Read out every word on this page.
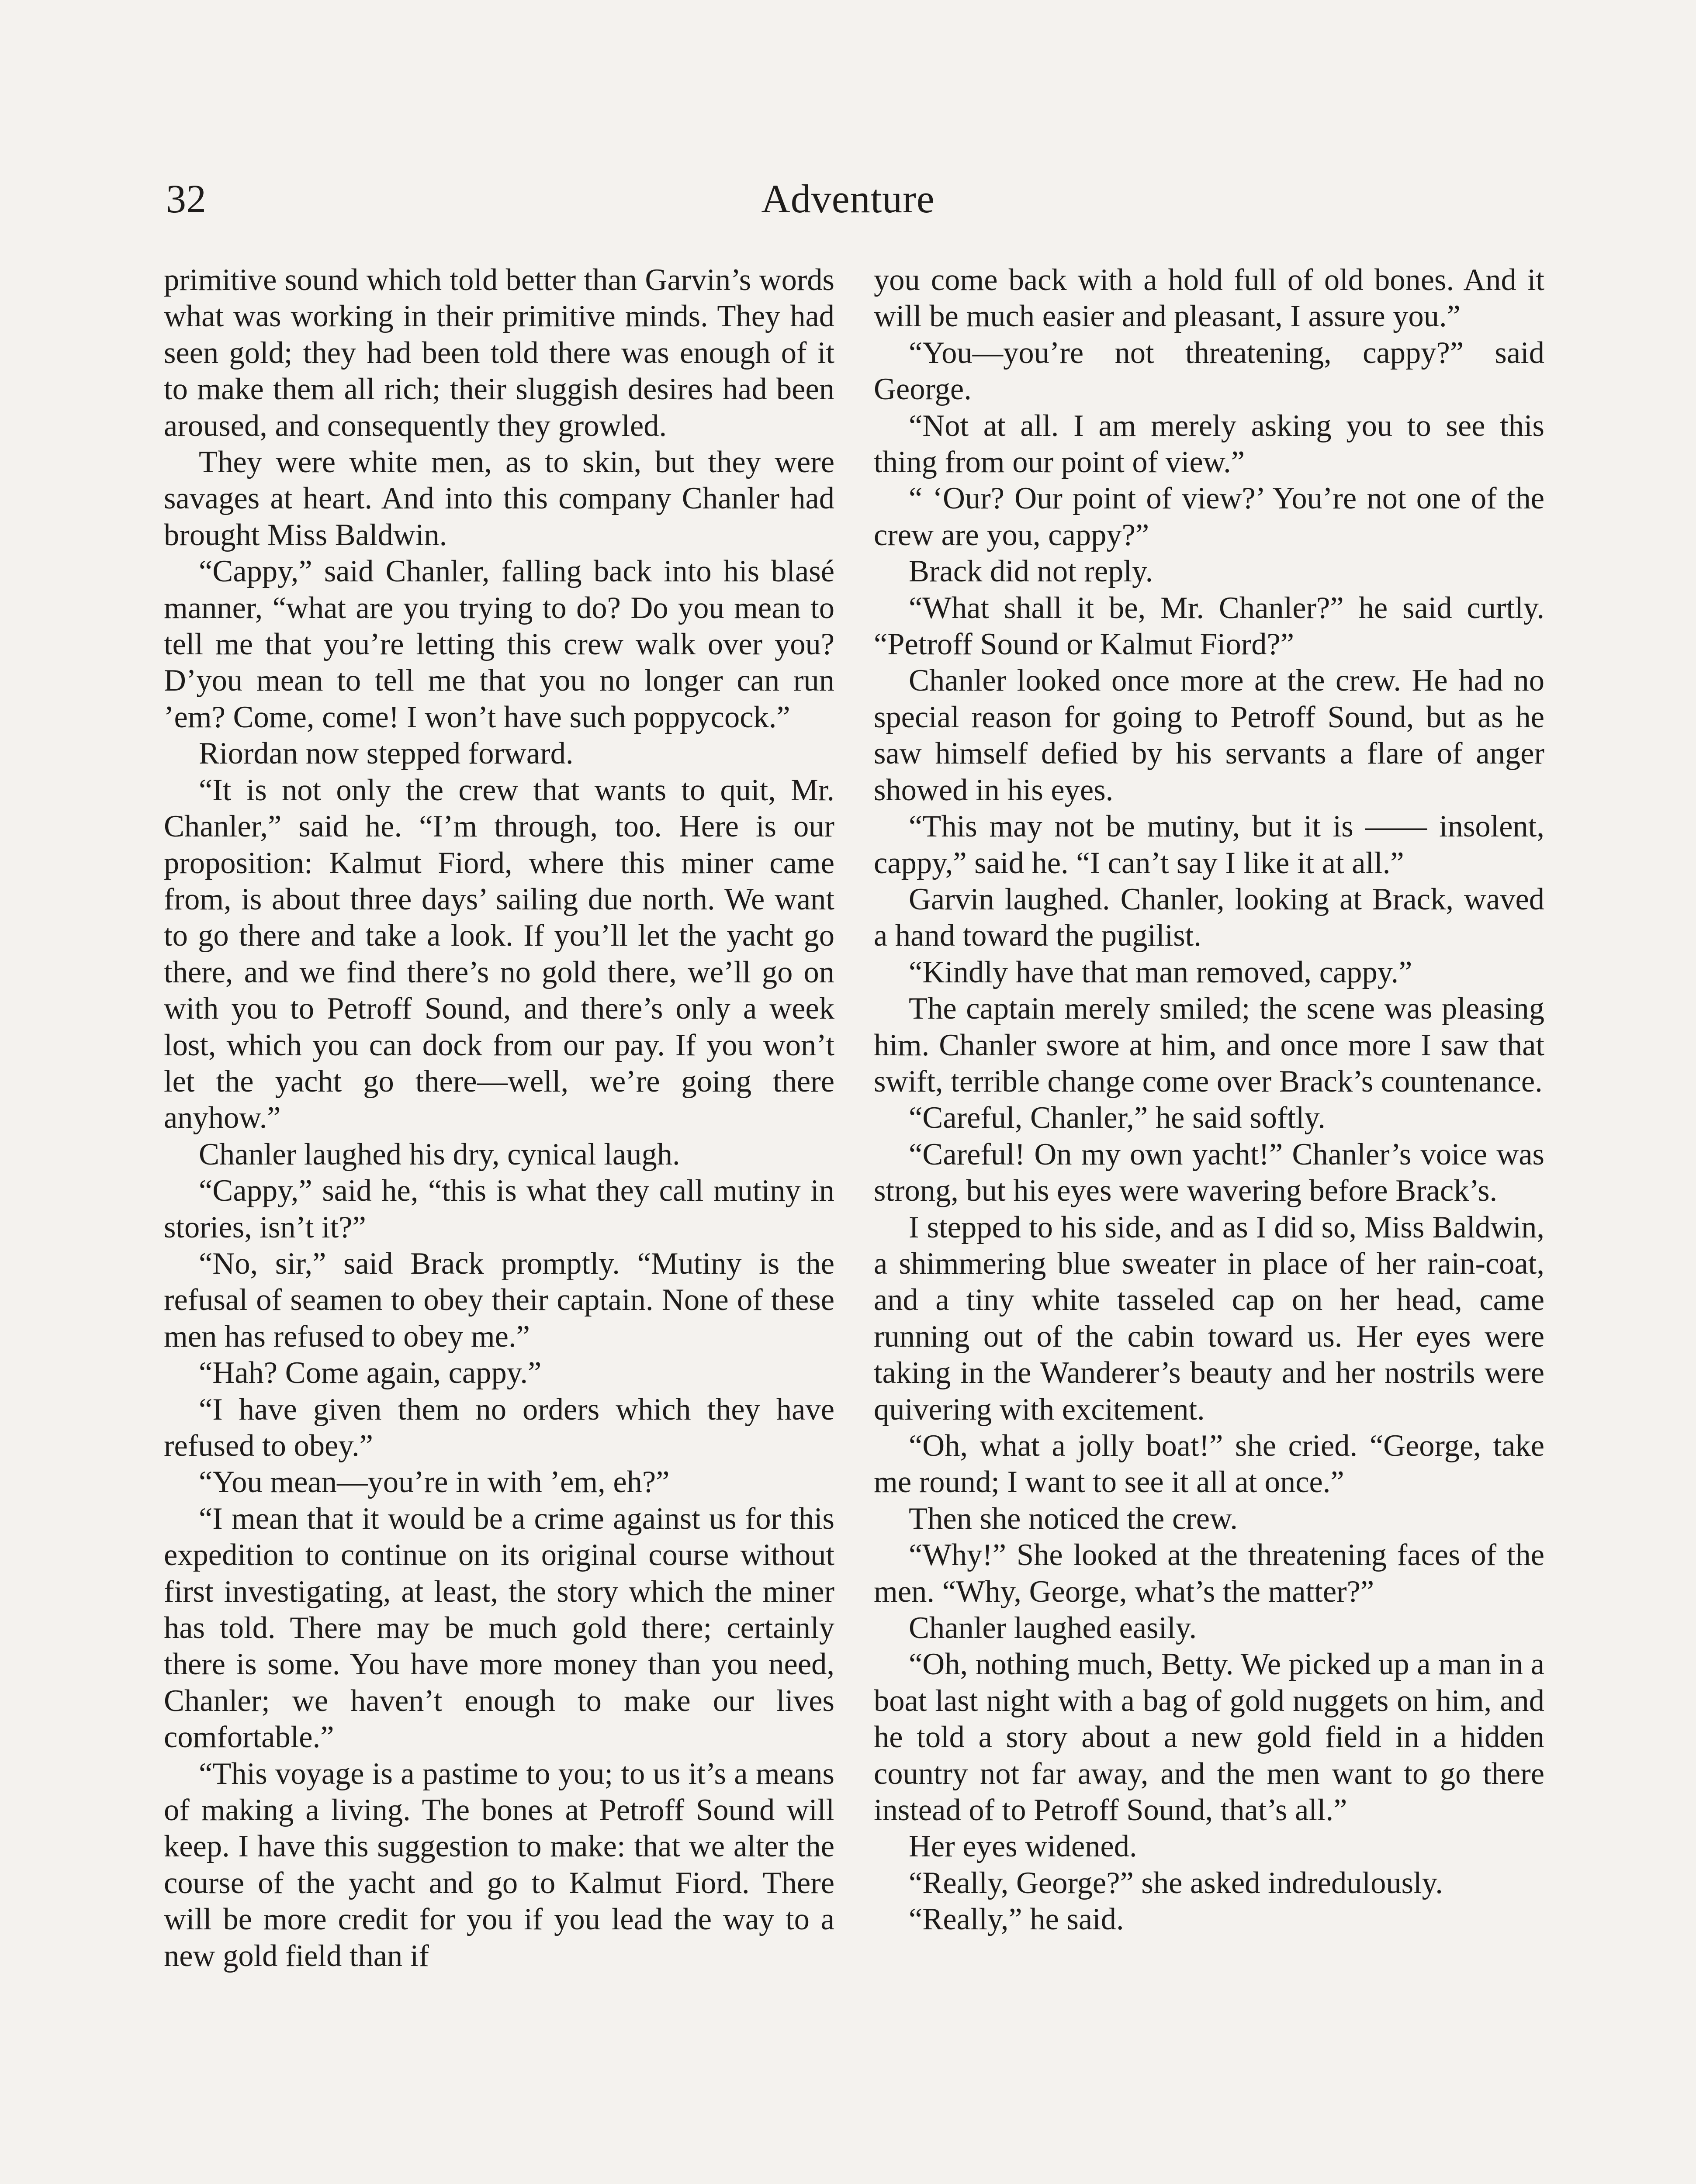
32	Adventure

primitive sound which told better than Garvin’s words what was working in their primitive minds. They had seen gold; they had been told there was enough of it to make them all rich; their sluggish desires had been aroused, and consequently they growled.

They were white men, as to skin, but they were savages at heart. And into this company Chanler had brought Miss Baldwin.

“Cappy,” said Chanler, falling back into his blasé manner, “what are you trying to do? Do you mean to tell me that you’re letting this crew walk over you? D’you mean to tell me that you no longer can run ’em? Come, come! I won’t have such poppycock.”

Riordan now stepped forward.

“It is not only the crew that wants to quit, Mr. Chanler,” said he. “I’m through, too. Here is our proposition: Kalmut Fiord, where this miner came from, is about three days’ sailing due north. We want to go there and take a look. If you’ll let the yacht go there, and we find there’s no gold there, we’ll go on with you to Petroff Sound, and there’s only a week lost, which you can dock from our pay. If you won’t let the yacht go there—well, we’re going there anyhow.”

Chanler laughed his dry, cynical laugh.

“Cappy,” said he, “this is what they call mutiny in stories, isn’t it?”

“No, sir,” said Brack promptly. “Mutiny is the refusal of seamen to obey their captain. None of these men has refused to obey me.”

“Hah? Come again, cappy.”

“I have given them no orders which they have refused to obey.”

“You mean—you’re in with ’em, eh?”

“I mean that it would be a crime against us for this expedition to continue on its original course without first investigating, at least, the story which the miner has told. There may be much gold there; certainly there is some. You have more money than you need, Chanler; we haven’t enough to make our lives comfortable.”

“This voyage is a pastime to you; to us it’s a means of making a living. The bones at Petroff Sound will keep. I have this suggestion to make: that we alter the course of the yacht and go to Kalmut Fiord. There will be more credit for you if you lead the way to a new gold field than if

you come back with a hold full of old bones. And it will be much easier and pleasant, I assure you.”

“You—you’re not threatening, cappy?” said George.

“Not at all. I am merely asking you to see this thing from our point of view.”

“ ‘Our? Our point of view?’ You’re not one of the crew are you, cappy?”

Brack did not reply.

“What shall it be, Mr. Chanler?” he said curtly. “Petroff Sound or Kalmut Fiord?”

Chanler looked once more at the crew. He had no special reason for going to Petroff Sound, but as he saw himself defied by his servants a flare of anger showed in his eyes.

“This may not be mutiny, but it is —— insolent, cappy,” said he. “I can’t say I like it at all.”

Garvin laughed. Chanler, looking at Brack, waved a hand toward the pugilist.

“Kindly have that man removed, cappy.”

The captain merely smiled; the scene was pleasing him. Chanler swore at him, and once more I saw that swift, terrible change come over Brack’s countenance.

“Careful, Chanler,” he said softly.

“Careful! On my own yacht!” Chanler’s voice was strong, but his eyes were wavering before Brack’s.

I stepped to his side, and as I did so, Miss Baldwin, a shimmering blue sweater in place of her rain-coat, and a tiny white tasseled cap on her head, came running out of the cabin toward us. Her eyes were taking in the Wanderer’s beauty and her nostrils were quivering with excitement.

“Oh, what a jolly boat!” she cried. “George, take me round; I want to see it all at once.”

Then she noticed the crew.

“Why!” She looked at the threatening faces of the men. “Why, George, what’s the matter?”

Chanler laughed easily.

“Oh, nothing much, Betty. We picked up a man in a boat last night with a bag of gold nuggets on him, and he told a story about a new gold field in a hidden country not far away, and the men want to go there instead of to Petroff Sound, that’s all.”

Her eyes widened.

“Really, George?” she asked indredulously.

“Really,” he said.
